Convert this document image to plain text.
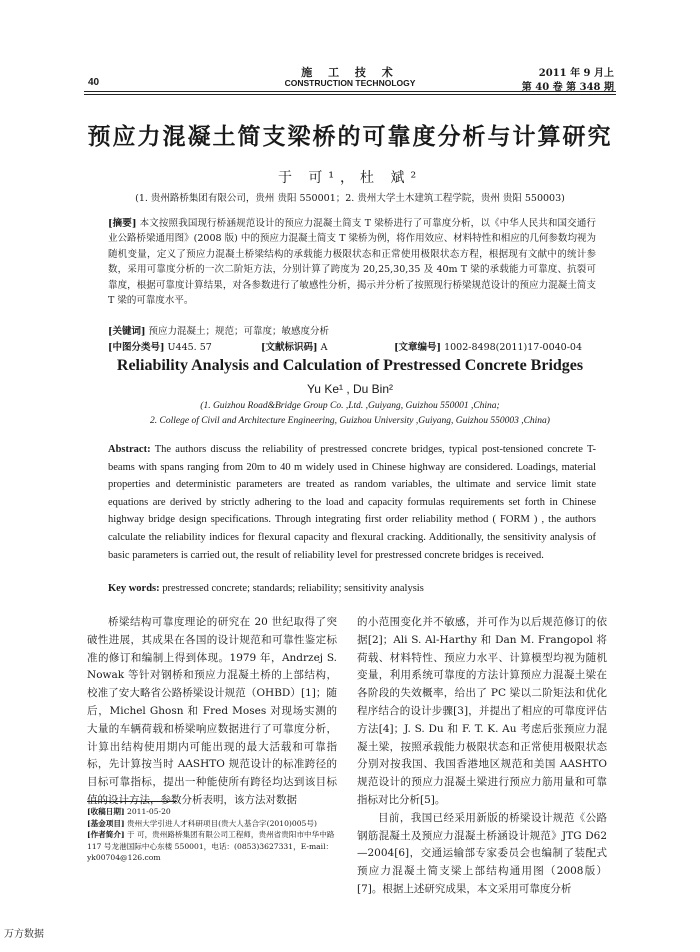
施 工 技 术
CONSTRUCTION TECHNOLOGY
40
2011 年 9 月上
第 40 卷 第 348 期
预应力混凝土简支梁桥的可靠度分析与计算研究
于 可¹，杜 斌²
(1. 贵州路桥集团有限公司，贵州 贵阳 550001；2. 贵州大学土木建筑工程学院，贵州 贵阳 550003)
[摘要] 本文按照我国现行桥涵规范设计的预应力混凝土简支 T 梁桥进行了可靠度分析，以《中华人民共和国交通行业公路桥梁通用图》(2008 版) 中的预应力混凝土简支 T 梁桥为例，将作用效应、材料特性和相应的几何参数均视为随机变量，定义了预应力混凝土桥梁结构的承载能力极限状态和正常使用极限状态方程，根据现有文献中的统计参数，采用可靠度分析的一次二阶矩方法，分别计算了跨度为 20,25,30,35 及 40m T 梁的承载能力可靠度、抗裂可靠度，根据可靠度计算结果，对各参数进行了敏感性分析，揭示并分析了按照现行桥梁规范设计的预应力混凝土简支 T 梁的可靠度水平。
[关键词] 预应力混凝土；规范；可靠度；敏感度分析
[中图分类号] U445. 57	[文献标识码] A	[文章编号] 1002-8498(2011)17-0040-04
Reliability Analysis and Calculation of Prestressed Concrete Bridges
Yu Ke¹ , Du Bin²
(1. Guizhou Road&Bridge Group Co. ,Ltd. ,Guiyang, Guizhou 550001 ,China;
2. College of Civil and Architecture Engineering, Guizhou University ,Guiyang, Guizhou 550003 ,China)
Abstract: The authors discuss the reliability of prestressed concrete bridges, typical post-tensioned concrete T-beams with spans ranging from 20m to 40 m widely used in Chinese highway are considered. Loadings, material properties and deterministic parameters are treated as random variables, the ultimate and service limit state equations are derived by strictly adhering to the load and capacity formulas requirements set forth in Chinese highway bridge design specifications. Through integrating first order reliability method ( FORM ) , the authors calculate the reliability indices for flexural capacity and flexural cracking. Additionally, the sensitivity analysis of basic parameters is carried out, the result of reliability level for prestressed concrete bridges is received.
Key words: prestressed concrete; standards; reliability; sensitivity analysis

桥梁结构可靠度理论的研究在 20 世纪取得了突破性进展，其成果在各国的设计规范和可靠性鉴定标准的修订和编制上得到体现。1979 年，Andrzej S. Nowak 等针对钢桥和预应力混凝土桥的上部结构，校准了安大略省公路桥梁设计规范（OHBD）[1]；随后，Michel Ghosn 和 Fred Moses 对现场实测的大量的车辆荷载和桥梁响应数据进行了可靠度分析，计算出结构使用期内可能出现的最大活载和可靠指标，先计算按当时 AASHTO 规范设计的标准跨径的目标可靠指标，提出一种能使所有跨径均达到该目标值的设计方法，参数分析表明，该方法对数据

的小范围变化并不敏感，并可作为以后规范修订的依据[2]；Ali S. Al-Harthy 和 Dan M. Frangopol 将荷载、材料特性、预应力水平、计算模型均视为随机变量，利用系统可靠度的方法计算预应力混凝土梁在各阶段的失效概率，给出了 PC 梁以二阶矩法和优化程序结合的设计步骤[3]，并提出了相应的可靠度评估方法[4]；J. S. Du 和 F. T. K. Au 考虑后张预应力混凝土梁，按照承载能力极限状态和正常使用极限状态分别对按我国、我国香港地区规范和美国 AASHTO 规范设计的预应力混凝土梁进行预应力筋用量和可靠指标对比分析[5]。

目前，我国已经采用新版的桥梁设计规范《公路钢筋混凝土及预应力混凝土桥涵设计规范》JTG D62—2004[6]，交通运输部专家委员会也编制了装配式预应力混凝土简支梁上部结构通用图（2008版）[7]。根据上述研究成果，本文采用可靠度分析

[收稿日期] 2011-05-20
[基金项目] 贵州大学引进人才科研项目(贵大人基合字(2010)005号)
[作者简介] 于 可，贵州路桥集团有限公司工程师，贵州省贵阳市中华中路 117 号龙港国际中心东楼 550001，电话：(0853)3627331，E-mail：yk00704@126.com
万方数据
